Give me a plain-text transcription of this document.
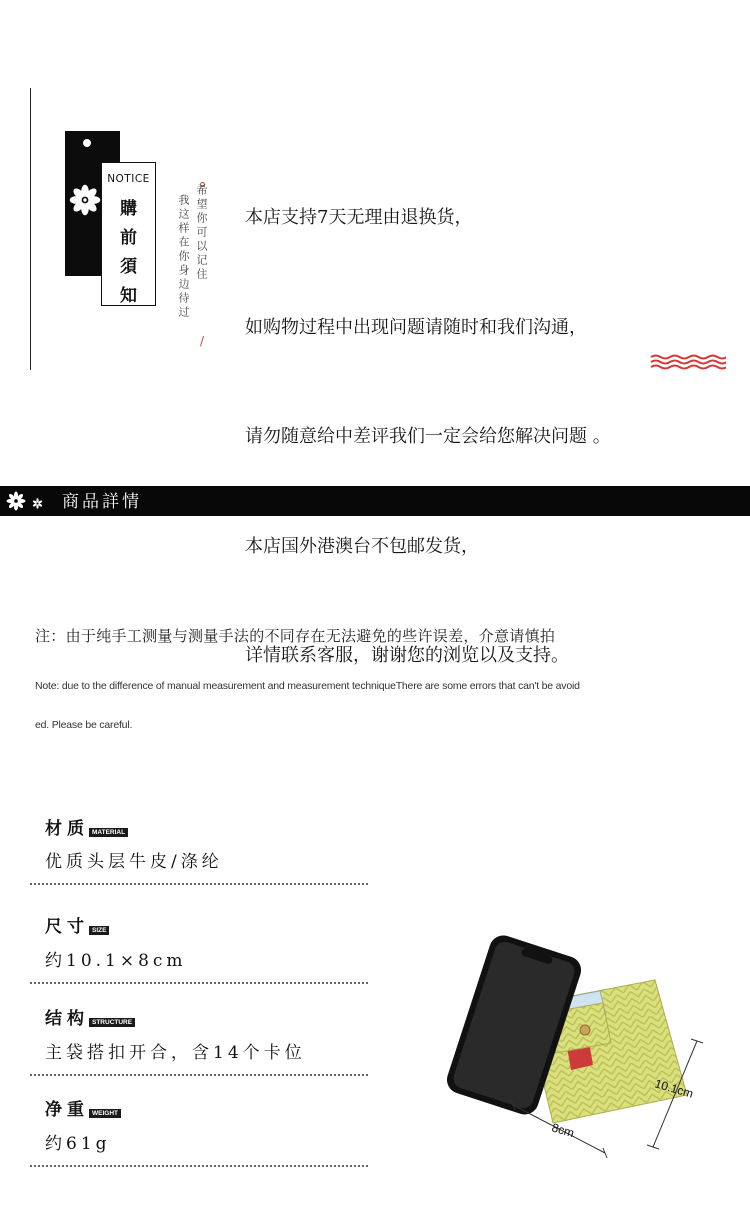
NOTICE
購
前
須
知	我这样在你身边待过 希望你可以记住
/

本店支持7天无理由退换货，

如购物过程中出现问题请随时和我们沟通，

请勿随意给中差评我们一定会给您解决问题 。

本店国外港澳台不包邮发货，

详情联系客服，谢谢您的浏览以及支持。

商品詳情
注：由于纯手工测量与测量手法的不同存在无法避免的些许误差，介意请慎拍
Note: due to the difference of manual measurement and measurement techniqueThere are some errors that can't be avoid
ed. Please be careful.
材质 MATERIAL
优质头层牛皮/涤纶
尺寸 SIZE
约10.1×8cm
结构 STRUCTURE
主袋搭扣开合，含14个卡位
净重 WEIGHT
约61g
10.1cm
8cm
